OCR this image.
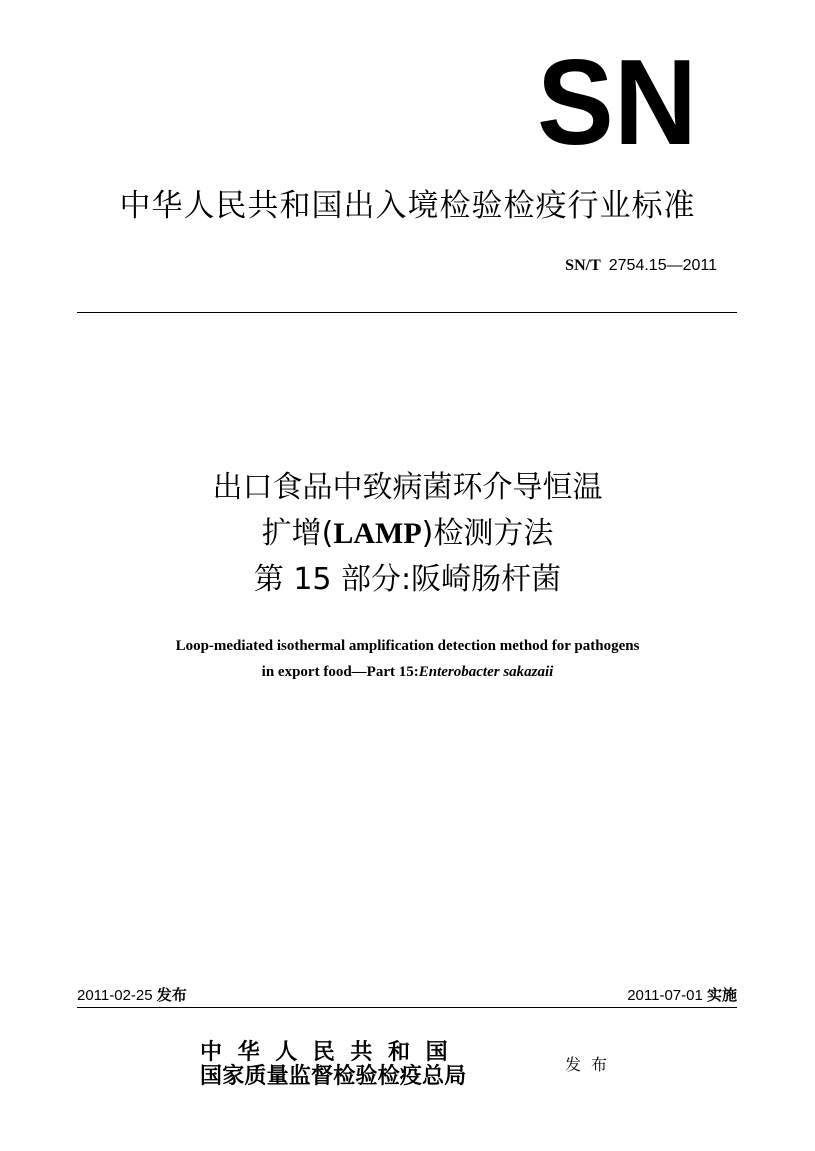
SN
中华人民共和国出入境检验检疫行业标准
SN/T 2754.15—2011
出口食品中致病菌环介导恒温
扩增(LAMP)检测方法
第 15 部分:阪崎肠杆菌
Loop-mediated isothermal amplification detection method for pathogens
in export food—Part 15:Enterobacter sakazaii
2011-02-25 发布	2011-07-01 实施
中华人民共和国
国家质量监督检验检疫总局	发布
